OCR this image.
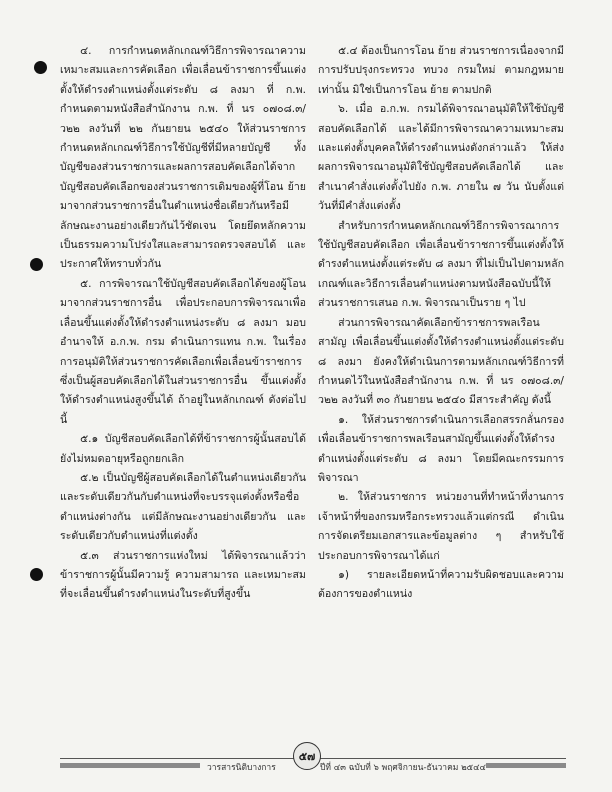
๔. การกำหนดหลักเกณฑ์วิธีการพิจารณาความเหมาะสมและการคัดเลือก เพื่อเลื่อนข้าราชการขึ้นแต่งตั้งให้ดำรงตำแหน่งตั้งแต่ระดับ ๘ ลงมา ที่ ก.พ. กำหนดตามหนังสือสำนักงาน ก.พ. ที่ นร ๐๗๐๘.๓/ว๒๒ ลงวันที่ ๒๒ กันยายน ๒๕๔๐ ให้ส่วนราชการกำหนดหลักเกณฑ์วิธีการใช้บัญชีที่มีหลายบัญชี ทั้งบัญชีของส่วนราชการและผลการสอบคัดเลือกได้จากบัญชีสอบคัดเลือกของส่วนราชการเดิมของผู้ที่โอน ย้ายมาจากส่วนราชการอื่นในตำแหน่งชื่อเดียวกันหรือมีลักษณะงานอย่างเดียวกันไว้ชัดเจน โดยยึดหลักความเป็นธรรมความโปร่งใสและสามารถตรวจสอบได้ และประกาศให้ทราบทั่วกัน

๕. การพิจารณาใช้บัญชีสอบคัดเลือกได้ของผู้โอนมาจากส่วนราชการอื่น เพื่อประกอบการพิจารณาเพื่อเลื่อนขึ้นแต่งตั้งให้ดำรงตำแหน่งระดับ ๘ ลงมา มอบอำนาจให้ อ.ก.พ. กรม ดำเนินการแทน ก.พ. ในเรื่องการอนุมัติให้ส่วนราชการคัดเลือกเพื่อเลื่อนข้าราชการซึ่งเป็นผู้สอบคัดเลือกได้ในส่วนราชการอื่น ขึ้นแต่งตั้งให้ดำรงตำแหน่งสูงขึ้นได้ ถ้าอยู่ในหลักเกณฑ์ ดังต่อไปนี้

๕.๑ บัญชีสอบคัดเลือกได้ที่ข้าราชการผู้นั้นสอบได้ยังไม่หมดอายุหรือถูกยกเลิก

๕.๒ เป็นบัญชีผู้สอบคัดเลือกได้ในตำแหน่งเดียวกัน และระดับเดียวกันกับตำแหน่งที่จะบรรจุแต่งตั้งหรือชื่อตำแหน่งต่างกัน แต่มีลักษณะงานอย่างเดียวกัน และระดับเดียวกับตำแหน่งที่แต่งตั้ง

๕.๓ ส่วนราชการแห่งใหม่ ได้พิจารณาแล้วว่า ข้าราชการผู้นั้นมีความรู้ ความสามารถ และเหมาะสมที่จะเลื่อนขึ้นดำรงตำแหน่งในระดับที่สูงขึ้น

๕.๔ ต้องเป็นการโอน ย้าย ส่วนราชการเนื่องจากมีการปรับปรุงกระทรวง ทบวง กรมใหม่ ตามกฎหมายเท่านั้น มิใช่เป็นการโอน ย้าย ตามปกติ

๖. เมื่อ อ.ก.พ. กรมได้พิจารณาอนุมัติให้ใช้บัญชีสอบคัดเลือกได้ และได้มีการพิจารณาความเหมาะสมและแต่งตั้งบุคคลให้ดำรงตำแหน่งดังกล่าวแล้ว ให้ส่งผลการพิจารณาอนุมัติใช้บัญชีสอบคัดเลือกได้ และสำเนาคำสั่งแต่งตั้งไปยัง ก.พ. ภายใน ๗ วัน นับตั้งแต่วันที่มีคำสั่งแต่งตั้ง

สำหรับการกำหนดหลักเกณฑ์วิธีการพิจารณาการใช้บัญชีสอบคัดเลือก เพื่อเลื่อนข้าราชการขึ้นแต่งตั้งให้ดำรงตำแหน่งตั้งแต่ระดับ ๘ ลงมา ที่ไม่เป็นไปตามหลักเกณฑ์และวิธีการเลื่อนตำแหน่งตามหนังสือฉบับนี้ให้ส่วนราชการเสนอ ก.พ. พิจารณาเป็นราย ๆ ไป

ส่วนการพิจารณาคัดเลือกข้าราชการพลเรือนสามัญ เพื่อเลื่อนขึ้นแต่งตั้งให้ดำรงตำแหน่งตั้งแต่ระดับ ๘ ลงมา ยังคงให้ดำเนินการตามหลักเกณฑ์วิธีการที่กำหนดไว้ในหนังสือสำนักงาน ก.พ. ที่ นร ๐๗๐๘.๓/ว๒๒ ลงวันที่ ๓๐ กันยายน ๒๕๔๐ มีสาระสำคัญ ดังนี้

๑. ให้ส่วนราชการดำเนินการเลือกสรรกลั่นกรองเพื่อเลื่อนข้าราชการพลเรือนสามัญขึ้นแต่งตั้งให้ดำรงตำแหน่งตั้งแต่ระดับ ๘ ลงมา โดยมีคณะกรรมการพิจารณา

๒. ให้ส่วนราชการ หน่วยงานที่ทำหน้าที่งานการเจ้าหน้าที่ของกรมหรือกระทรวงแล้วแต่กรณี ดำเนินการจัดเตรียมเอกสารและข้อมูลต่าง ๆ สำหรับใช้ประกอบการพิจารณาได้แก่

๑) รายละเอียดหน้าที่ความรับผิดชอบและความต้องการของตำแหน่ง

วารสารนิติบางการ
๕๗
ปีที่ ๔๓ ฉบับที่ ๖ พฤศจิกายน-ธันวาคม ๒๕๔๔
